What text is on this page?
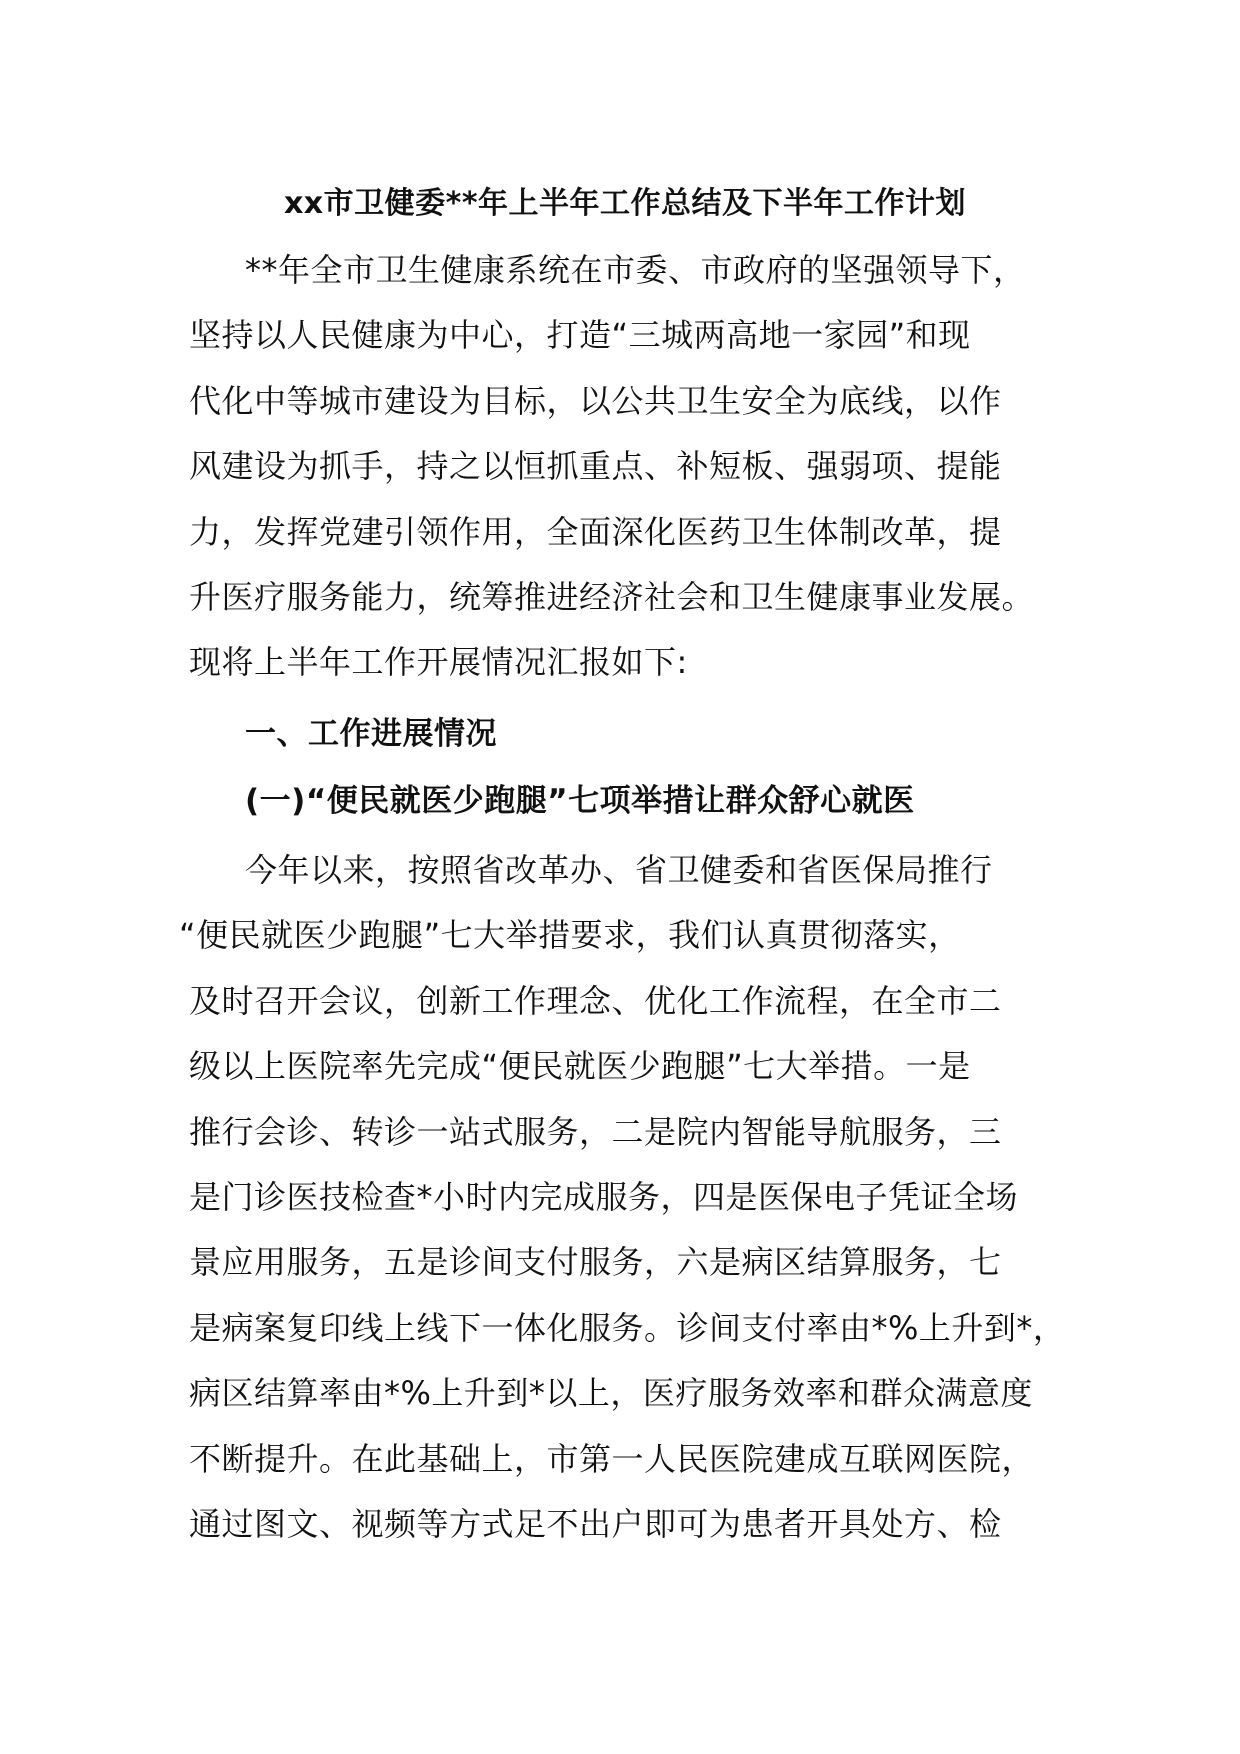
xx市卫健委**年上半年工作总结及下半年工作计划
**年全市卫生健康系统在市委、市政府的坚强领导下，
坚持以人民健康为中心，打造“三城两高地一家园”和现
代化中等城市建设为目标，以公共卫生安全为底线，以作
风建设为抓手，持之以恒抓重点、补短板、强弱项、提能
力，发挥党建引领作用，全面深化医药卫生体制改革，提
升医疗服务能力，统筹推进经济社会和卫生健康事业发展。
现将上半年工作开展情况汇报如下:
一、工作进展情况
(一)“便民就医少跑腿”七项举措让群众舒心就医
今年以来，按照省改革办、省卫健委和省医保局推行
“便民就医少跑腿”七大举措要求，我们认真贯彻落实，
及时召开会议，创新工作理念、优化工作流程，在全市二
级以上医院率先完成“便民就医少跑腿”七大举措。一是
推行会诊、转诊一站式服务，二是院内智能导航服务，三
是门诊医技检查*小时内完成服务，四是医保电子凭证全场
景应用服务，五是诊间支付服务，六是病区结算服务，七
是病案复印线上线下一体化服务。诊间支付率由*%上升到*，
病区结算率由*%上升到*以上，医疗服务效率和群众满意度
不断提升。在此基础上，市第一人民医院建成互联网医院，
通过图文、视频等方式足不出户即可为患者开具处方、检
